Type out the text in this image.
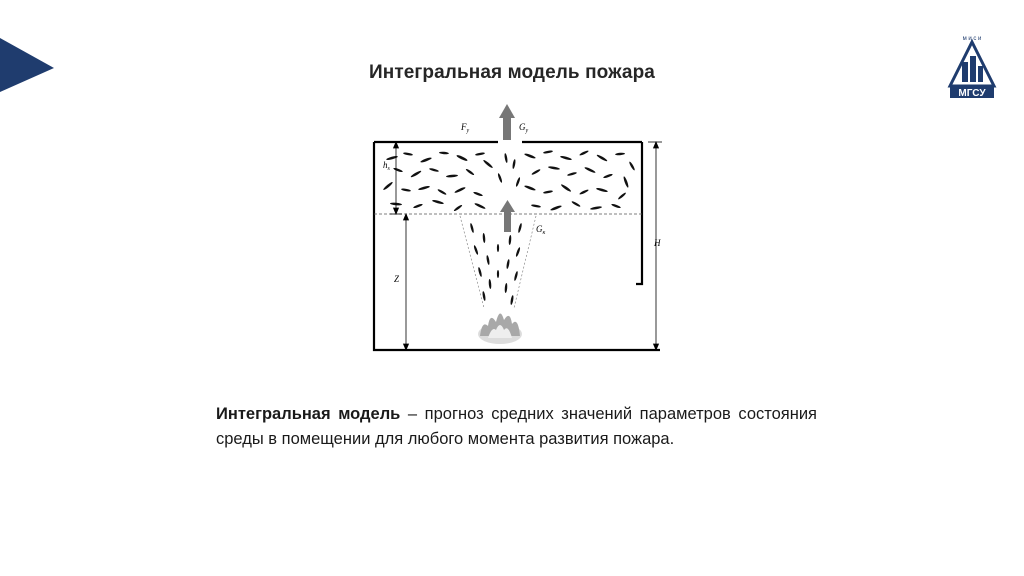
м и с и
МГСУ
Интегральная модель пожара
$F_у$	$G_у$
$G_к$
$h_s$
Z
H
Интегральная модель – прогноз средних значений параметров состояния среды в помещении для любого момента развития пожара.
